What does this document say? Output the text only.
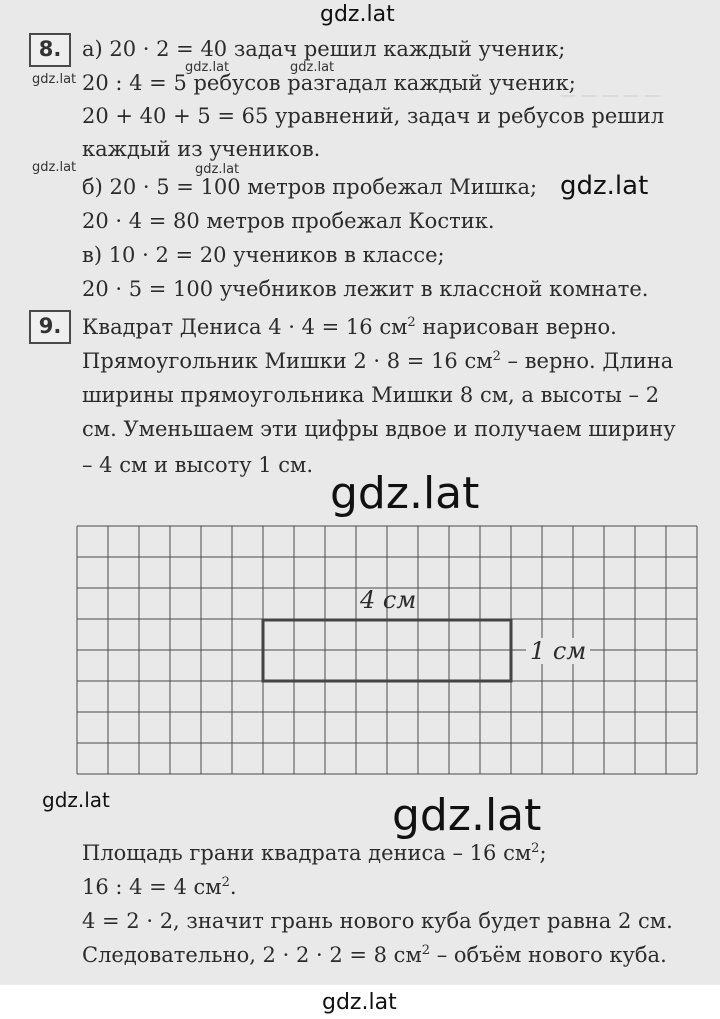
— — — — —
gdz.lat
8. а) 20 · 2 = 40 задач решил каждый ученик;
20 : 4 = 5 ребусов разгадал каждый ученик;
20 + 40 + 5 = 65 уравнений, задач и ребусов решил
каждый из учеников.
б) 20 · 5 = 100 метров пробежал Мишка;
20 · 4 = 80 метров пробежал Костик.
в) 10 · 2 = 20 учеников в классе;
20 · 5 = 100 учебников лежит в классной комнате.
gdz.lat
gdz.lat	gdz.lat
gdz.lat	gdz.lat
gdz.lat
9. Квадрат Дениса 4 · 4 = 16 $см^2$ нарисован верно.
Прямоугольник Мишки 2 · 8 = 16 $см^2$ – верно. Длина
ширины прямоугольника Мишки 8 см, а высоты – 2
см. Уменьшаем эти цифры вдвое и получаем ширину
– 4 см и высоту 1 см.
gdz.lat
4 см
1 см
gdz.lat	gdz.lat
Площадь грани квадрата дениса – 16 $см^2$;
16 : 4 = 4 $см^2$.
4 = 2 · 2, значит грань нового куба будет равна 2 см.
Следовательно, 2 · 2 · 2 = 8 $см^2$ – объём нового куба.
gdz.lat
